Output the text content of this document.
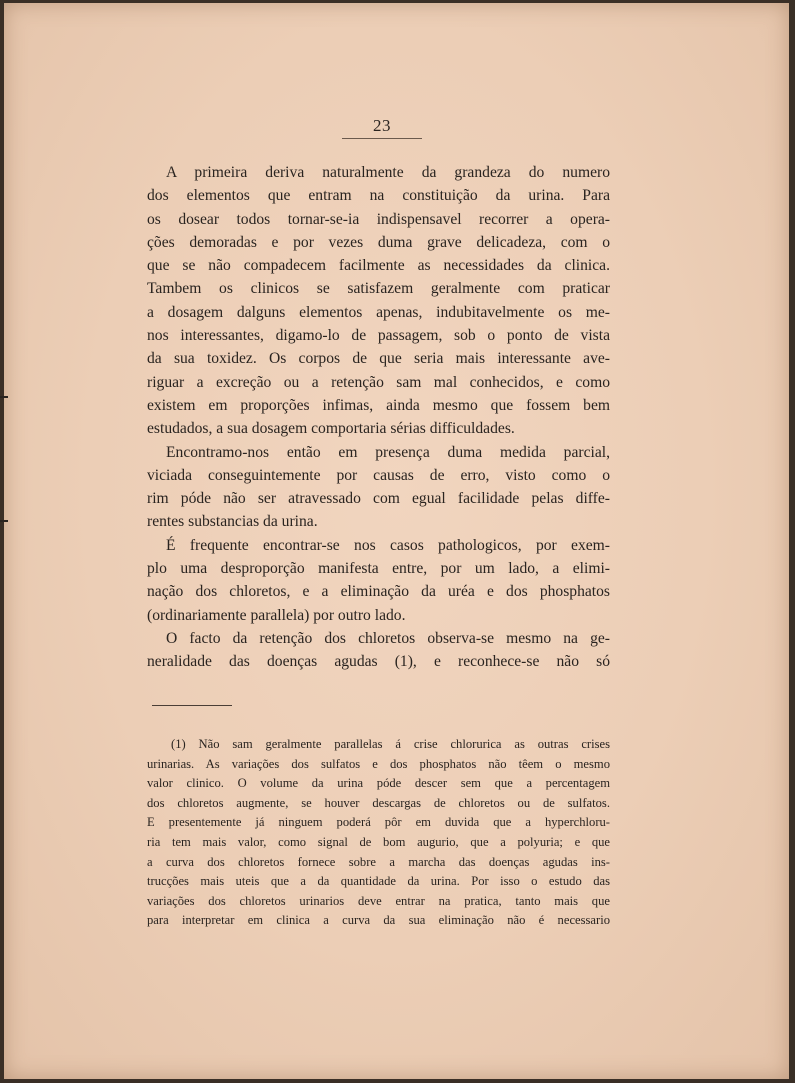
23
A primeira deriva naturalmente da grandeza do numero
dos elementos que entram na constituição da urina. Para
os dosear todos tornar-se-ia indispensavel recorrer a opera-
ções demoradas e por vezes duma grave delicadeza, com o
que se não compadecem facilmente as necessidades da clinica.
Tambem os clinicos se satisfazem geralmente com praticar
a dosagem dalguns elementos apenas, indubitavelmente os me-
nos interessantes, digamo-lo de passagem, sob o ponto de vista
da sua toxidez. Os corpos de que seria mais interessante ave-
riguar a excreção ou a retenção sam mal conhecidos, e como
existem em proporções infimas, ainda mesmo que fossem bem
estudados, a sua dosagem comportaria sérias difficuldades.
Encontramo-nos então em presença duma medida parcial,
viciada conseguintemente por causas de erro, visto como o
rim póde não ser atravessado com egual facilidade pelas diffe-
rentes substancias da urina.
É frequente encontrar-se nos casos pathologicos, por exem-
plo uma desproporção manifesta entre, por um lado, a elimi-
nação dos chloretos, e a eliminação da uréa e dos phosphatos
(ordinariamente parallela) por outro lado.
O facto da retenção dos chloretos observa-se mesmo na ge-
neralidade das doenças agudas (1), e reconhece-se não só
(1) Não sam geralmente parallelas á crise chlorurica as outras crises
urinarias. As variações dos sulfatos e dos phosphatos não têem o mesmo
valor clinico. O volume da urina póde descer sem que a percentagem
dos chloretos augmente, se houver descargas de chloretos ou de sulfatos.
E presentemente já ninguem poderá pôr em duvida que a hyperchloru-
ria tem mais valor, como signal de bom augurio, que a polyuria; e que
a curva dos chloretos fornece sobre a marcha das doenças agudas ins-
trucções mais uteis que a da quantidade da urina. Por isso o estudo das
variações dos chloretos urinarios deve entrar na pratica, tanto mais que
para interpretar em clinica a curva da sua eliminação não é necessario
